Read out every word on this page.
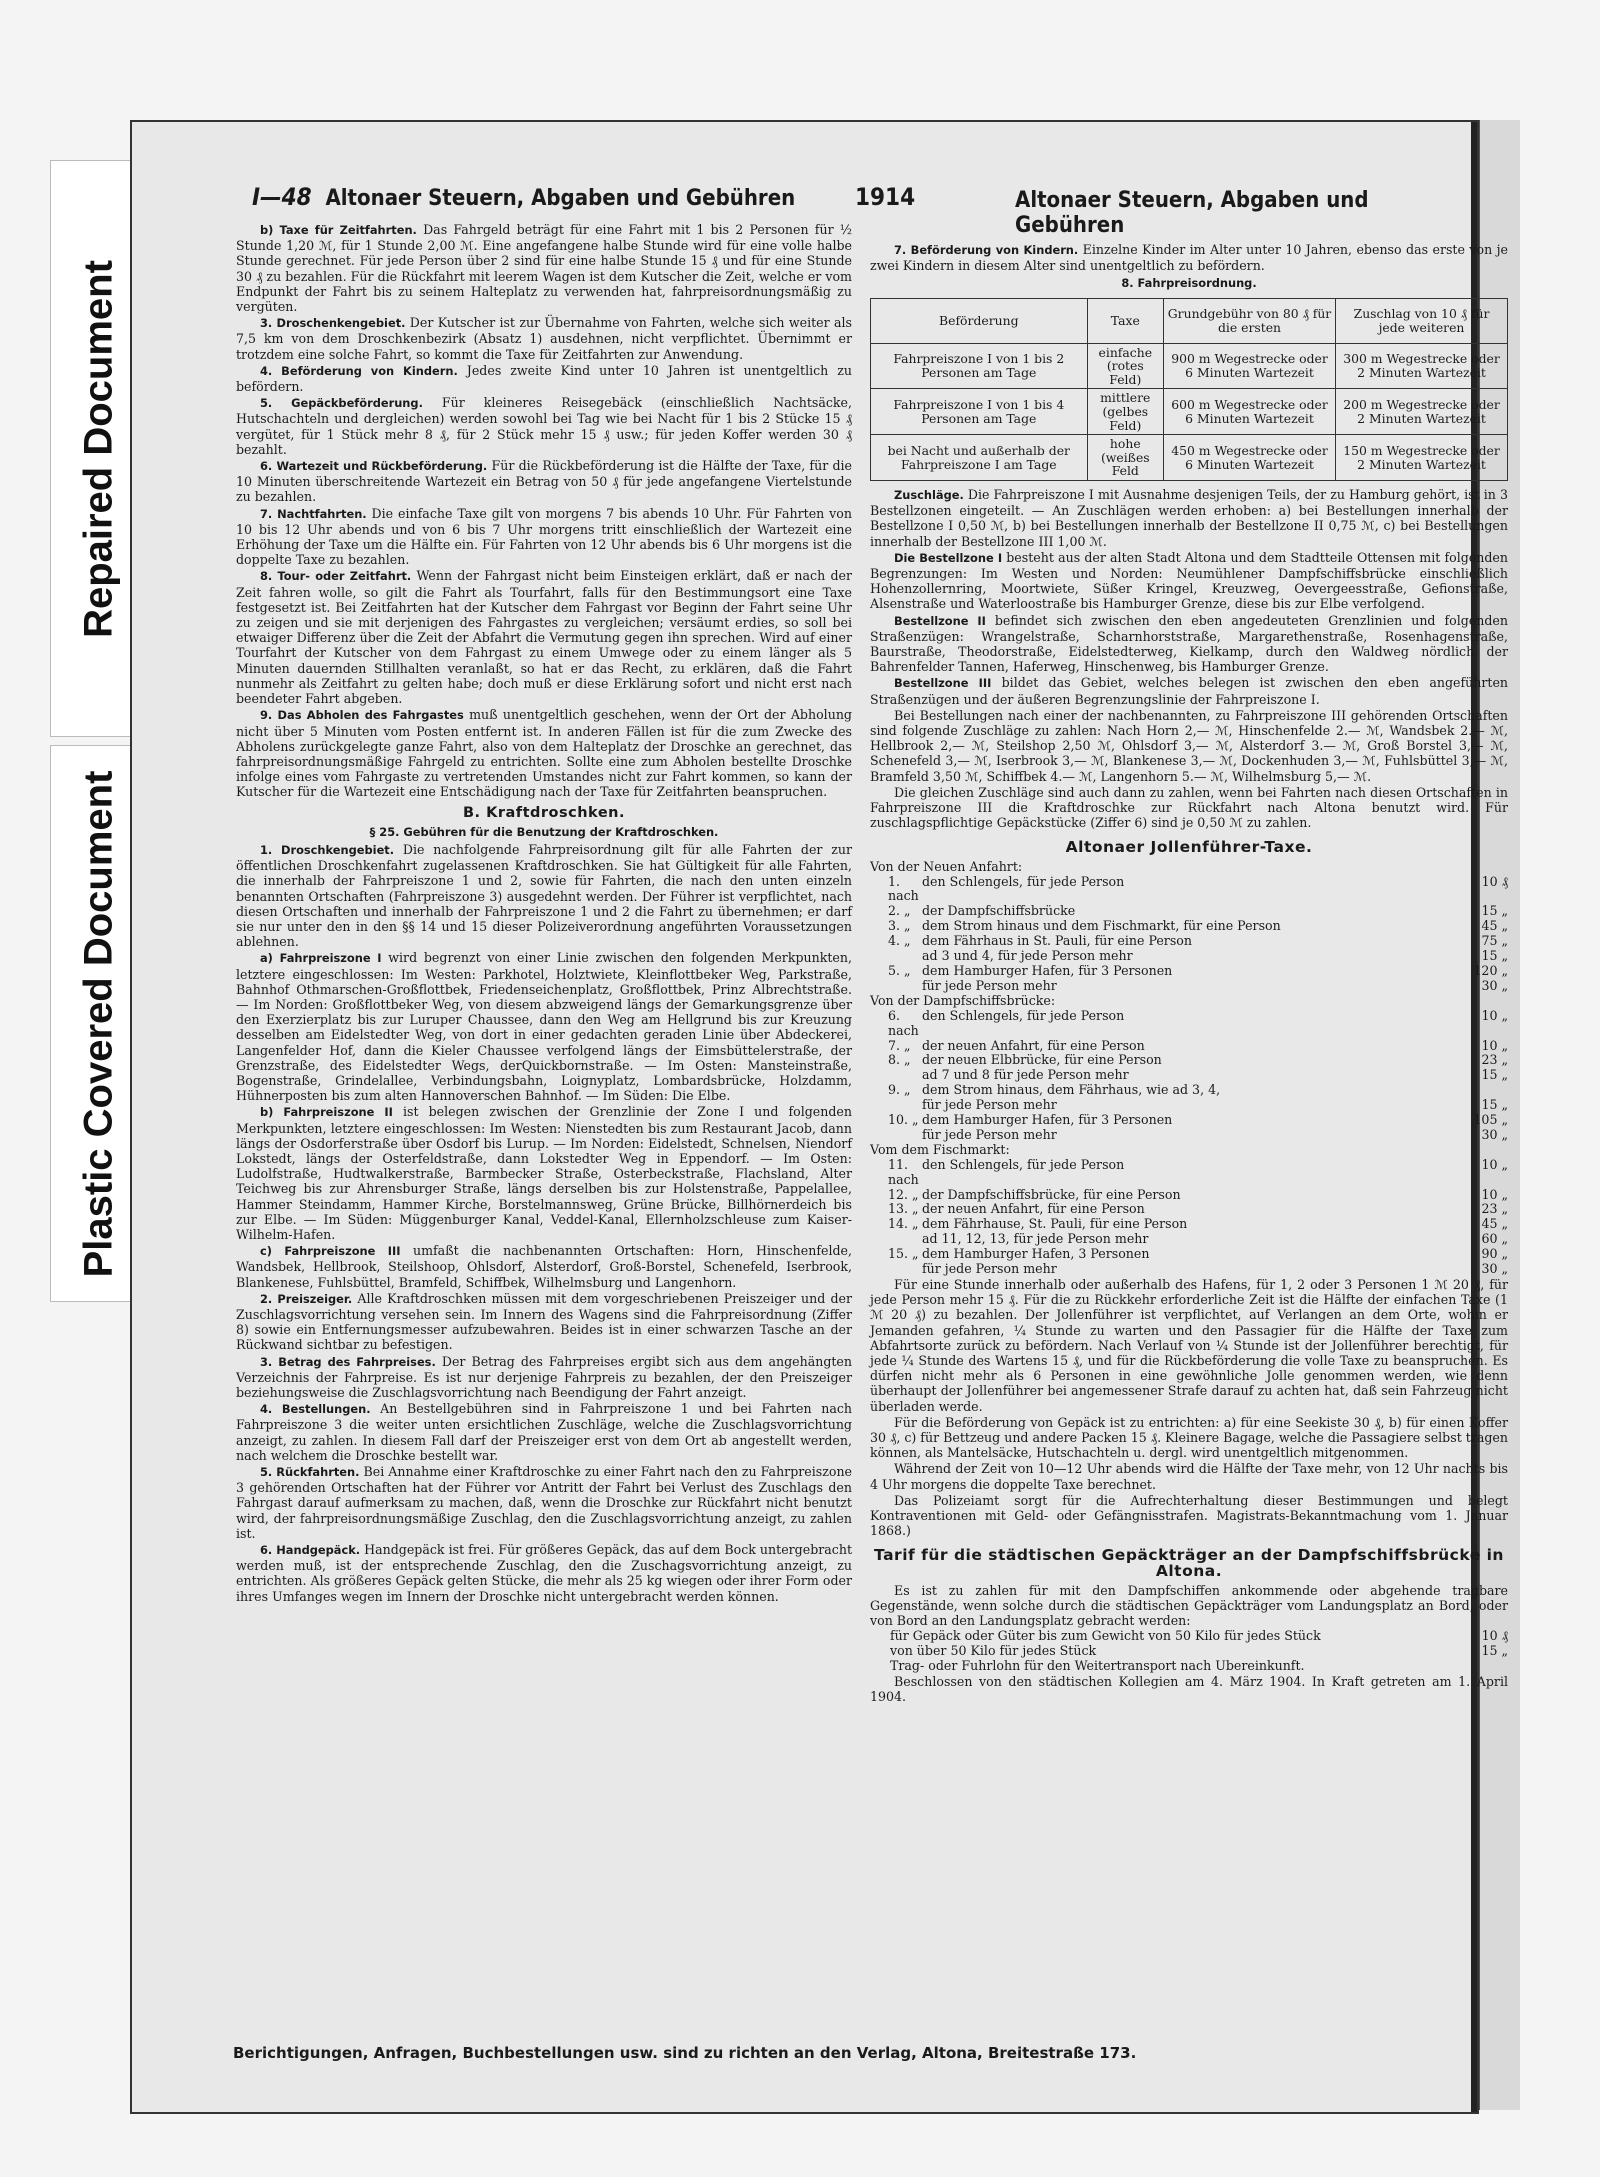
Repaired Document
Plastic Covered Document
I—48 Altonaer Steuern, Abgaben und Gebühren 1914	Altonaer Steuern, Abgaben und Gebühren

b) Taxe für Zeitfahrten. Das Fahrgeld beträgt für eine Fahrt mit 1 bis 2 Personen für ½ Stunde 1,20 ℳ, für 1 Stunde 2,00 ℳ. Eine angefangene halbe Stunde wird für eine volle halbe Stunde gerechnet. Für jede Person über 2 sind für eine halbe Stunde 15 ₰ und für eine Stunde 30 ₰ zu bezahlen. Für die Rückfahrt mit leerem Wagen ist dem Kutscher die Zeit, welche er vom Endpunkt der Fahrt bis zu seinem Halteplatz zu verwenden hat, fahrpreisordnungsmäßig zu vergüten.

3. Droschenkengebiet. Der Kutscher ist zur Übernahme von Fahrten, welche sich weiter als 7,5 km von dem Droschkenbezirk (Absatz 1) ausdehnen, nicht verpflichtet. Übernimmt er trotzdem eine solche Fahrt, so kommt die Taxe für Zeitfahrten zur Anwendung.

4. Beförderung von Kindern. Jedes zweite Kind unter 10 Jahren ist unentgeltlich zu befördern.

5. Gepäckbeförderung. Für kleineres Reisegebäck (einschließlich Nachtsäcke, Hutschachteln und dergleichen) werden sowohl bei Tag wie bei Nacht für 1 bis 2 Stücke 15 ₰ vergütet, für 1 Stück mehr 8 ₰, für 2 Stück mehr 15 ₰ usw.; für jeden Koffer werden 30 ₰ bezahlt.

6. Wartezeit und Rückbeförderung. Für die Rückbeförderung ist die Hälfte der Taxe, für die 10 Minuten überschreitende Wartezeit ein Betrag von 50 ₰ für jede angefangene Viertelstunde zu bezahlen.

7. Nachtfahrten. Die einfache Taxe gilt von morgens 7 bis abends 10 Uhr. Für Fahrten von 10 bis 12 Uhr abends und von 6 bis 7 Uhr morgens tritt einschließlich der Wartezeit eine Erhöhung der Taxe um die Hälfte ein. Für Fahrten von 12 Uhr abends bis 6 Uhr morgens ist die doppelte Taxe zu bezahlen.

8. Tour- oder Zeitfahrt. Wenn der Fahrgast nicht beim Einsteigen erklärt, daß er nach der Zeit fahren wolle, so gilt die Fahrt als Tourfahrt, falls für den Bestimmungsort eine Taxe festgesetzt ist. Bei Zeitfahrten hat der Kutscher dem Fahrgast vor Beginn der Fahrt seine Uhr zu zeigen und sie mit derjenigen des Fahrgastes zu vergleichen; versäumt erdies, so soll bei etwaiger Differenz über die Zeit der Abfahrt die Vermutung gegen ihn sprechen. Wird auf einer Tourfahrt der Kutscher von dem Fahrgast zu einem Umwege oder zu einem länger als 5 Minuten dauernden Stillhalten veranlaßt, so hat er das Recht, zu erklären, daß die Fahrt nunmehr als Zeitfahrt zu gelten habe; doch muß er diese Erklärung sofort und nicht erst nach beendeter Fahrt abgeben.

9. Das Abholen des Fahrgastes muß unentgeltlich geschehen, wenn der Ort der Abholung nicht über 5 Minuten vom Posten entfernt ist. In anderen Fällen ist für die zum Zwecke des Abholens zurückgelegte ganze Fahrt, also von dem Halteplatz der Droschke an gerechnet, das fahrpreisordnungsmäßige Fahrgeld zu entrichten. Sollte eine zum Abholen bestellte Droschke infolge eines vom Fahrgaste zu vertretenden Umstandes nicht zur Fahrt kommen, so kann der Kutscher für die Wartezeit eine Entschädigung nach der Taxe für Zeitfahrten beanspruchen.

B. Kraftdroschken.
§ 25. Gebühren für die Benutzung der Kraftdroschken.

1. Droschkengebiet. Die nachfolgende Fahrpreisordnung gilt für alle Fahrten der zur öffentlichen Droschkenfahrt zugelassenen Kraftdroschken. Sie hat Gültigkeit für alle Fahrten, die innerhalb der Fahrpreiszone 1 und 2, sowie für Fahrten, die nach den unten einzeln benannten Ortschaften (Fahrpreiszone 3) ausgedehnt werden. Der Führer ist verpflichtet, nach diesen Ortschaften und innerhalb der Fahrpreiszone 1 und 2 die Fahrt zu übernehmen; er darf sie nur unter den in den §§ 14 und 15 dieser Polizeiverordnung angeführten Voraussetzungen ablehnen.

a) Fahrpreiszone I wird begrenzt von einer Linie zwischen den folgenden Merkpunkten, letztere eingeschlossen: Im Westen: Parkhotel, Holztwiete, Kleinflottbeker Weg, Parkstraße, Bahnhof Othmarschen-Großflottbek, Friedenseichenplatz, Großflottbek, Prinz Albrechtstraße. — Im Norden: Großflottbeker Weg, von diesem abzweigend längs der Gemarkungsgrenze über den Exerzierplatz bis zur Luruper Chaussee, dann den Weg am Hellgrund bis zur Kreuzung desselben am Eidelstedter Weg, von dort in einer gedachten geraden Linie über Abdeckerei, Langenfelder Hof, dann die Kieler Chaussee verfolgend längs der Eimsbüttelerstraße, der Grenzstraße, des Eidelstedter Wegs, derQuickbornstraße. — Im Osten: Mansteinstraße, Bogenstraße, Grindelallee, Verbindungsbahn, Loignyplatz, Lombardsbrücke, Holzdamm, Hühnerposten bis zum alten Hannoverschen Bahnhof. — Im Süden: Die Elbe.

b) Fahrpreiszone II ist belegen zwischen der Grenzlinie der Zone I und folgenden Merkpunkten, letztere eingeschlossen: Im Westen: Nienstedten bis zum Restaurant Jacob, dann längs der Osdorferstraße über Osdorf bis Lurup. — Im Norden: Eidelstedt, Schnelsen, Niendorf Lokstedt, längs der Osterfeldstraße, dann Lokstedter Weg in Eppendorf. — Im Osten: Ludolfstraße, Hudtwalkerstraße, Barmbecker Straße, Osterbeckstraße, Flachsland, Alter Teichweg bis zur Ahrensburger Straße, längs derselben bis zur Holstenstraße, Pappelallee, Hammer Steindamm, Hammer Kirche, Borstelmannsweg, Grüne Brücke, Billhörnerdeich bis zur Elbe. — Im Süden: Müggenburger Kanal, Veddel-Kanal, Ellernholzschleuse zum Kaiser-Wilhelm-Hafen.

c) Fahrpreiszone III umfaßt die nachbenannten Ortschaften: Horn, Hinschenfelde, Wandsbek, Hellbrook, Steilshoop, Ohlsdorf, Alsterdorf, Groß-Borstel, Schenefeld, Iserbrook, Blankenese, Fuhlsbüttel, Bramfeld, Schiffbek, Wilhelmsburg und Langenhorn.

2. Preiszeiger. Alle Kraftdroschken müssen mit dem vorgeschriebenen Preiszeiger und der Zuschlagsvorrichtung versehen sein. Im Innern des Wagens sind die Fahrpreisordnung (Ziffer 8) sowie ein Entfernungsmesser aufzubewahren. Beides ist in einer schwarzen Tasche an der Rückwand sichtbar zu befestigen.

3. Betrag des Fahrpreises. Der Betrag des Fahrpreises ergibt sich aus dem angehängten Verzeichnis der Fahrpreise. Es ist nur derjenige Fahrpreis zu bezahlen, der den Preiszeiger beziehungsweise die Zuschlagsvorrichtung nach Beendigung der Fahrt anzeigt.

4. Bestellungen. An Bestellgebühren sind in Fahrpreiszone 1 und bei Fahrten nach Fahrpreiszone 3 die weiter unten ersichtlichen Zuschläge, welche die Zuschlagsvorrichtung anzeigt, zu zahlen. In diesem Fall darf der Preiszeiger erst von dem Ort ab angestellt werden, nach welchem die Droschke bestellt war.

5. Rückfahrten. Bei Annahme einer Kraftdroschke zu einer Fahrt nach den zu Fahrpreiszone 3 gehörenden Ortschaften hat der Führer vor Antritt der Fahrt bei Verlust des Zuschlags den Fahrgast darauf aufmerksam zu machen, daß, wenn die Droschke zur Rückfahrt nicht benutzt wird, der fahrpreisordnungsmäßige Zuschlag, den die Zuschlagsvorrichtung anzeigt, zu zahlen ist.

6. Handgepäck. Handgepäck ist frei. Für größeres Gepäck, das auf dem Bock untergebracht werden muß, ist der entsprechende Zuschlag, den die Zuschagsvorrichtung anzeigt, zu entrichten. Als größeres Gepäck gelten Stücke, die mehr als 25 kg wiegen oder ihrer Form oder ihres Umfanges wegen im Innern der Droschke nicht untergebracht werden können.

7. Beförderung von Kindern. Einzelne Kinder im Alter unter 10 Jahren, ebenso das erste von je zwei Kindern in diesem Alter sind unentgeltlich zu befördern.

8. Fahrpreisordnung.
Beförderung	Taxe	Grundgebühr von 80 ₰ für die ersten	Zuschlag von 10 ₰ für jede weiteren
Fahrpreiszone I von 1 bis 2 Personen am Tage	einfache (rotes Feld)	900 m Wegestrecke oder 6 Minuten Wartezeit	300 m Wegestrecke oder 2 Minuten Wartezeit
Fahrpreiszone I von 1 bis 4 Personen am Tage	mittlere (gelbes Feld)	600 m Wegestrecke oder 6 Minuten Wartezeit	200 m Wegestrecke oder 2 Minuten Wartezeit
bei Nacht und außerhalb der Fahrpreiszone I am Tage	hohe (weißes Feld	450 m Wegestrecke oder 6 Minuten Wartezeit	150 m Wegestrecke oder 2 Minuten Wartezeit

Zuschläge. Die Fahrpreiszone I mit Ausnahme desjenigen Teils, der zu Hamburg gehört, ist in 3 Bestellzonen eingeteilt. — An Zuschlägen werden erhoben: a) bei Bestellungen innerhalb der Bestellzone I 0,50 ℳ, b) bei Bestellungen innerhalb der Bestellzone II 0,75 ℳ, c) bei Bestellungen innerhalb der Bestellzone III 1,00 ℳ.

Die Bestellzone I besteht aus der alten Stadt Altona und dem Stadtteile Ottensen mit folgenden Begrenzungen: Im Westen und Norden: Neumühlener Dampfschiffsbrücke einschließlich Hohenzollernring, Moortwiete, Süßer Kringel, Kreuzweg, Oevergeesstraße, Gefionstraße, Alsenstraße und Waterloostraße bis Hamburger Grenze, diese bis zur Elbe verfolgend.

Bestellzone II befindet sich zwischen den eben angedeuteten Grenzlinien und folgenden Straßenzügen: Wrangelstraße, Scharnhorststraße, Margarethenstraße, Rosenhagenstraße, Baurstraße, Theodorstraße, Eidelstedterweg, Kielkamp, durch den Waldweg nördlich der Bahrenfelder Tannen, Haferweg, Hinschenweg, bis Hamburger Grenze.

Bestellzone III bildet das Gebiet, welches belegen ist zwischen den eben angeführten Straßenzügen und der äußeren Begrenzungslinie der Fahrpreiszone I.

Bei Bestellungen nach einer der nachbenannten, zu Fahrpreiszone III gehörenden Ortschaften sind folgende Zuschläge zu zahlen: Nach Horn 2,— ℳ, Hinschenfelde 2.— ℳ, Wandsbek 2.— ℳ, Hellbrook 2,— ℳ, Steilshop 2,50 ℳ, Ohlsdorf 3,— ℳ, Alsterdorf 3.— ℳ, Groß Borstel 3,— ℳ, Schenefeld 3,— ℳ, Iserbrook 3,— ℳ, Blankenese 3,— ℳ, Dockenhuden 3,— ℳ, Fuhlsbüttel 3,— ℳ, Bramfeld 3,50 ℳ, Schiffbek 4.— ℳ, Langenhorn 5.— ℳ, Wilhelmsburg 5,— ℳ.

Die gleichen Zuschläge sind auch dann zu zahlen, wenn bei Fahrten nach diesen Ortschaften in Fahrpreiszone III die Kraftdroschke zur Rückfahrt nach Altona benutzt wird. Für zuschlagspflichtige Gepäckstücke (Ziffer 6) sind je 0,50 ℳ zu zahlen.

Altonaer Jollenführer-Taxe.
Von der Neuen Anfahrt:
1. nach
den Schlengels, für jede Person	10 ₰
2. „ der Dampfschiffsbrücke	15 „
3. „ dem Strom hinaus und dem Fischmarkt, für eine Person	45 „
4. „ dem Fährhaus in St. Pauli, für eine Person	75 „
ad 3 und 4, für jede Person mehr	15 „
5. „ dem Hamburger Hafen, für 3 Personen	120 „
für jede Person mehr	30 „
Von der Dampfschiffsbrücke:
6. nach
den Schlengels, für jede Person	10 „
7. „ der neuen Anfahrt, für eine Person	10 „
8. „ der neuen Elbbrücke, für eine Person	23 „
ad 7 und 8 für jede Person mehr	15 „
9. „ dem Strom hinaus, dem Fährhaus, wie ad 3, 4,
für jede Person mehr	15 „
10. „ dem Hamburger Hafen, für 3 Personen	105 „
für jede Person mehr	30 „
Vom dem Fischmarkt:
11. nach
den Schlengels, für jede Person	10 „
12. „ der Dampfschiffsbrücke, für eine Person	10 „
13. „ der neuen Anfahrt, für eine Person	23 „
14. „ dem Fährhause, St. Pauli, für eine Person	45 „
ad 11, 12, 13, für jede Person mehr	60 „
15. „ dem Hamburger Hafen, 3 Personen	90 „
für jede Person mehr	30 „

Für eine Stunde innerhalb oder außerhalb des Hafens, für 1, 2 oder 3 Personen 1 ℳ 20 ₰, für jede Person mehr 15 ₰. Für die zu Rückkehr erforderliche Zeit ist die Hälfte der einfachen Taxe (1 ℳ 20 ₰) zu bezahlen. Der Jollenführer ist verpflichtet, auf Verlangen an dem Orte, wohin er Jemanden gefahren, ¼ Stunde zu warten und den Passagier für die Hälfte der Taxe zum Abfahrtsorte zurück zu befördern. Nach Verlauf von ¼ Stunde ist der Jollenführer berechtigt, für jede ¼ Stunde des Wartens 15 ₰, und für die Rückbeförderung die volle Taxe zu beanspruchen. Es dürfen nicht mehr als 6 Personen in eine gewöhnliche Jolle genommen werden, wie denn überhaupt der Jollenführer bei angemessener Strafe darauf zu achten hat, daß sein Fahrzeug nicht überladen werde.

Für die Beförderung von Gepäck ist zu entrichten: a) für eine Seekiste 30 ₰, b) für einen Koffer 30 ₰, c) für Bettzeug und andere Packen 15 ₰. Kleinere Bagage, welche die Passagiere selbst tragen können, als Mantelsäcke, Hutschachteln u. dergl. wird unentgeltlich mitgenommen.

Während der Zeit von 10—12 Uhr abends wird die Hälfte der Taxe mehr, von 12 Uhr nachts bis 4 Uhr morgens die doppelte Taxe berechnet.

Das Polizeiamt sorgt für die Aufrechterhaltung dieser Bestimmungen und belegt Kontraventionen mit Geld- oder Gefängnisstrafen. Magistrats-Bekanntmachung vom 1. Januar 1868.)

Tarif für die städtischen Gepäckträger an der Dampfschiffsbrücke in Altona.

Es ist zu zahlen für mit den Dampfschiffen ankommende oder abgehende tragbare Gegenstände, wenn solche durch die städtischen Gepäckträger vom Landungsplatz an Bord, oder von Bord an den Landungsplatz gebracht werden:

für Gepäck oder Güter bis zum Gewicht von 50 Kilo für jedes Stück	10 ₰
von über 50 Kilo für jedes Stück	15 „
Trag- oder Fuhrlohn für den Weitertransport nach Übereinkunft.

Beschlossen von den städtischen Kollegien am 4. März 1904. In Kraft getreten am 1. April 1904.

Berichtigungen, Anfragen, Buchbestellungen usw. sind zu richten an den Verlag, Altona, Breitestraße 173.
